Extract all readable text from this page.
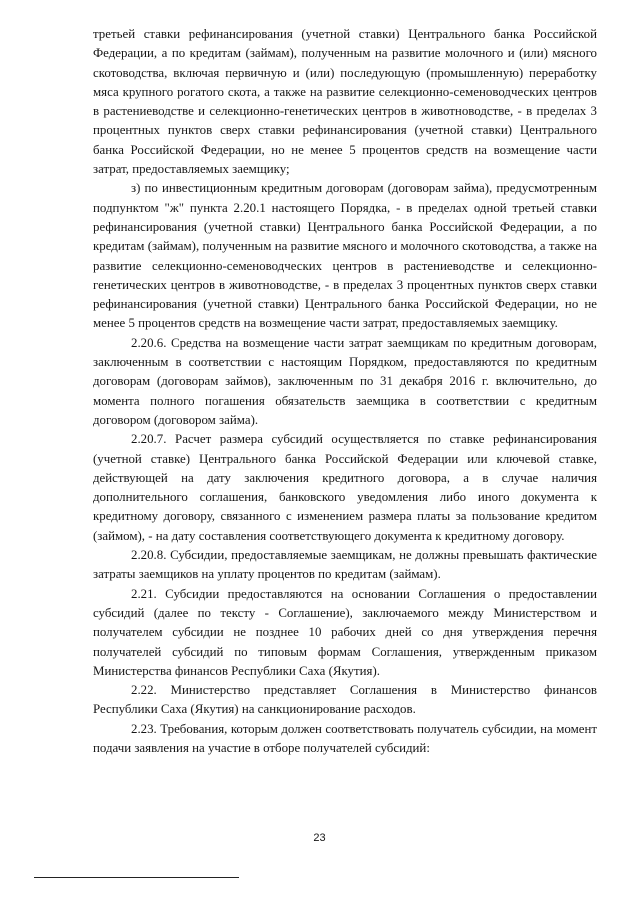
третьей ставки рефинансирования (учетной ставки) Центрального банка Российской Федерации, а по кредитам (займам), полученным на развитие молочного и (или) мясного скотоводства, включая первичную и (или) последующую (промышленную) переработку мяса крупного рогатого скота, а также на развитие селекционно-семеноводческих центров в растениеводстве и селекционно-генетических центров в животноводстве, - в пределах 3 процентных пунктов сверх ставки рефинансирования (учетной ставки) Центрального банка Российской Федерации, но не менее 5 процентов средств на возмещение части затрат, предоставляемых заемщику;

з) по инвестиционным кредитным договорам (договорам займа), предусмотренным подпунктом "ж" пункта 2.20.1 настоящего Порядка, - в пределах одной третьей ставки рефинансирования (учетной ставки) Центрального банка Российской Федерации, а по кредитам (займам), полученным на развитие мясного и молочного скотоводства, а также на развитие селекционно-семеноводческих центров в растениеводстве и селекционно-генетических центров в животноводстве, - в пределах 3 процентных пунктов сверх ставки рефинансирования (учетной ставки) Центрального банка Российской Федерации, но не менее 5 процентов средств на возмещение части затрат, предоставляемых заемщику.

2.20.6. Средства на возмещение части затрат заемщикам по кредитным договорам, заключенным в соответствии с настоящим Порядком, предоставляются по кредитным договорам (договорам займов), заключенным по 31 декабря 2016 г. включительно, до момента полного погашения обязательств заемщика в соответствии с кредитным договором (договором займа).

2.20.7. Расчет размера субсидий осуществляется по ставке рефинансирования (учетной ставке) Центрального банка Российской Федерации или ключевой ставке, действующей на дату заключения кредитного договора, а в случае наличия дополнительного соглашения, банковского уведомления либо иного документа к кредитному договору, связанного с изменением размера платы за пользование кредитом (займом), - на дату составления соответствующего документа к кредитному договору.

2.20.8. Субсидии, предоставляемые заемщикам, не должны превышать фактические затраты заемщиков на уплату процентов по кредитам (займам).

2.21. Субсидии предоставляются на основании Соглашения о предоставлении субсидий (далее по тексту - Соглашение), заключаемого между Министерством и получателем субсидии не позднее 10 рабочих дней со дня утверждения перечня получателей субсидий по типовым формам Соглашения, утвержденным приказом Министерства финансов Республики Саха (Якутия).

2.22. Министерство представляет Соглашения в Министерство финансов Республики Саха (Якутия) на санкционирование расходов.

2.23. Требования, которым должен соответствовать получатель субсидии, на момент подачи заявления на участие в отборе получателей субсидий:

23
